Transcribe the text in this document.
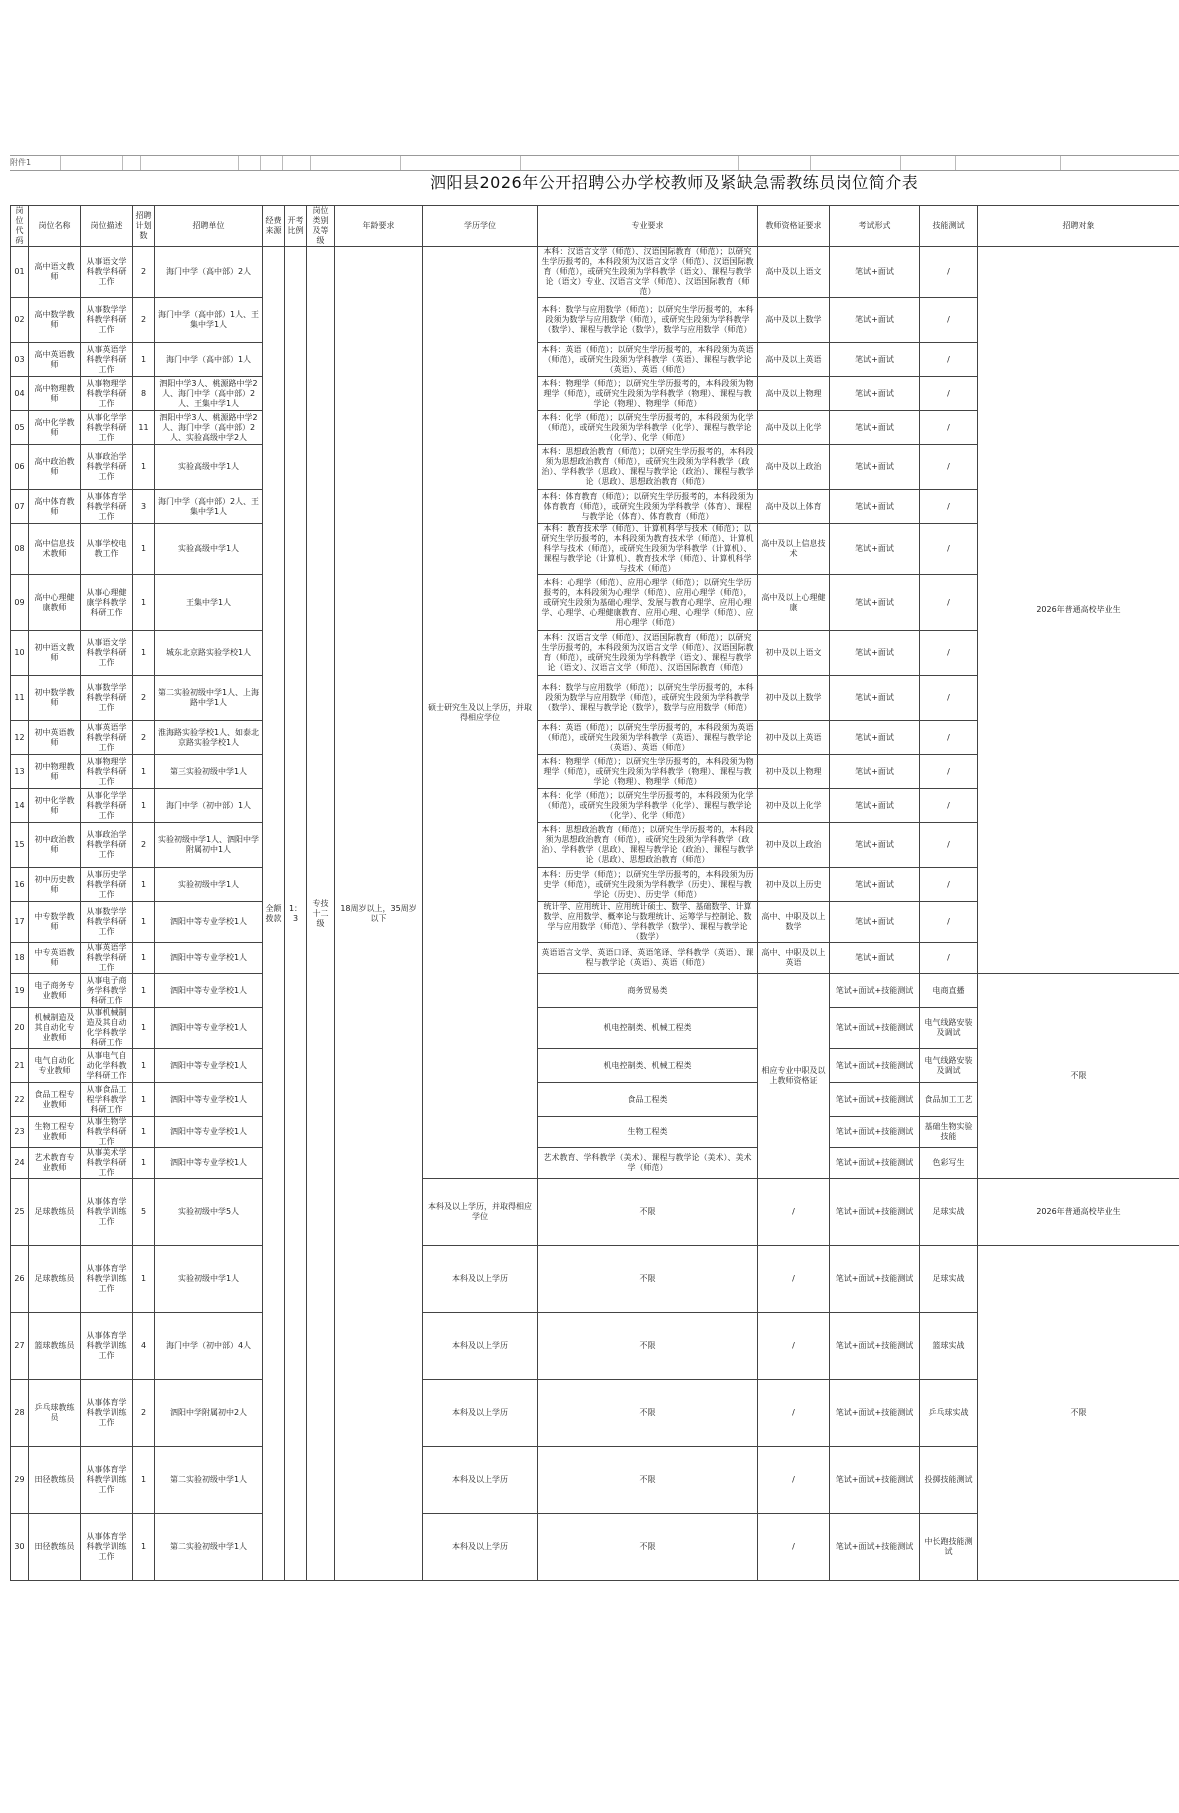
附件1
泗阳县2026年公开招聘公办学校教师及紧缺急需教练员岗位简介表
岗位代码	岗位名称	岗位描述	招聘计划数	招聘单位	经费来源	开考比例	岗位类别及等级	年龄要求	学历学位	专业要求	教师资格证要求	考试形式	技能测试	招聘对象
01	高中语文教师	从事语文学科教学科研工作	2	海门中学（高中部）2人	全额拨款	1：3	专技十二级	18周岁以上，35周岁以下	硕士研究生及以上学历，并取得相应学位	本科：汉语言文学（师范）、汉语国际教育（师范）；以研究生学历报考的，本科段须为汉语言文学（师范）、汉语国际教育（师范），或研究生段须为学科教学（语文）、课程与教学论（语文）专业、汉语言文学（师范）、汉语国际教育（师范）	高中及以上语文	笔试+面试	/	2026年普通高校毕业生
02	高中数学教师	从事数学学科教学科研工作	2	海门中学（高中部）1人、王集中学1人						本科：数学与应用数学（师范）；以研究生学历报考的，本科段须为数学与应用数学（师范），或研究生段须为学科教学（数学）、课程与教学论（数学），数学与应用数学（师范）	高中及以上数学	笔试+面试	/	
03	高中英语教师	从事英语学科教学科研工作	1	海门中学（高中部）1人						本科：英语（师范）；以研究生学历报考的，本科段须为英语（师范），或研究生段须为学科教学（英语）、课程与教学论（英语）、英语（师范）	高中及以上英语	笔试+面试	/	
04	高中物理教师	从事物理学科教学科研工作	8	泗阳中学3人、桃源路中学2人、海门中学（高中部）2人、王集中学1人						本科：物理学（师范）；以研究生学历报考的，本科段须为物理学（师范），或研究生段须为学科教学（物理）、课程与教学论（物理）、物理学（师范）	高中及以上物理	笔试+面试	/	
05	高中化学教师	从事化学学科教学科研工作	11	泗阳中学3人、桃源路中学2人、海门中学（高中部）2人、实验高级中学2人						本科：化学（师范）；以研究生学历报考的，本科段须为化学（师范），或研究生段须为学科教学（化学）、课程与教学论（化学）、化学（师范）	高中及以上化学	笔试+面试	/	
06	高中政治教师	从事政治学科教学科研工作	1	实验高级中学1人						本科：思想政治教育（师范）；以研究生学历报考的，本科段须为思想政治教育（师范），或研究生段须为学科教学（政治）、学科教学（思政）、课程与教学论（政治）、课程与教学论（思政）、思想政治教育（师范）	高中及以上政治	笔试+面试	/	
07	高中体育教师	从事体育学科教学科研工作	3	海门中学（高中部）2人、王集中学1人						本科：体育教育（师范）；以研究生学历报考的，本科段须为体育教育（师范），或研究生段须为学科教学（体育）、课程与教学论（体育）、体育教育（师范）	高中及以上体育	笔试+面试	/	
08	高中信息技术教师	从事学校电教工作	1	实验高级中学1人						本科：教育技术学（师范）、计算机科学与技术（师范）；以研究生学历报考的，本科段须为教育技术学（师范）、计算机科学与技术（师范），或研究生段须为学科教学（计算机）、课程与教学论（计算机）、教育技术学（师范）、计算机科学与技术（师范）	高中及以上信息技术	笔试+面试	/	
09	高中心理健康教师	从事心理健康学科教学科研工作	1	王集中学1人						本科：心理学（师范）、应用心理学（师范）；以研究生学历报考的，本科段须为心理学（师范）、应用心理学（师范），或研究生段须为基础心理学、发展与教育心理学、应用心理学、心理学、心理健康教育、应用心理、心理学（师范）、应用心理学（师范）	高中及以上心理健康	笔试+面试	/	
10	初中语文教师	从事语文学科教学科研工作	1	城东北京路实验学校1人						本科：汉语言文学（师范）、汉语国际教育（师范）；以研究生学历报考的，本科段须为汉语言文学（师范）、汉语国际教育（师范），或研究生段须为学科教学（语文）、课程与教学论（语文）、汉语言文学（师范）、汉语国际教育（师范）	初中及以上语文	笔试+面试	/	
11	初中数学教师	从事数学学科教学科研工作	2	第二实验初级中学1人、上海路中学1人						本科：数学与应用数学（师范）；以研究生学历报考的，本科段须为数学与应用数学（师范），或研究生段须为学科教学（数学）、课程与教学论（数学），数学与应用数学（师范）	初中及以上数学	笔试+面试	/	
12	初中英语教师	从事英语学科教学科研工作	2	淮海路实验学校1人、如泰北京路实验学校1人						本科：英语（师范）；以研究生学历报考的，本科段须为英语（师范），或研究生段须为学科教学（英语）、课程与教学论（英语）、英语（师范）	初中及以上英语	笔试+面试	/	
13	初中物理教师	从事物理学科教学科研工作	1	第三实验初级中学1人						本科：物理学（师范）；以研究生学历报考的，本科段须为物理学（师范），或研究生段须为学科教学（物理）、课程与教学论（物理）、物理学（师范）	初中及以上物理	笔试+面试	/	
14	初中化学教师	从事化学学科教学科研工作	1	海门中学（初中部）1人						本科：化学（师范）；以研究生学历报考的，本科段须为化学（师范），或研究生段须为学科教学（化学）、课程与教学论（化学）、化学（师范）	初中及以上化学	笔试+面试	/	
15	初中政治教师	从事政治学科教学科研工作	2	实验初级中学1人、泗阳中学附属初中1人						本科：思想政治教育（师范）；以研究生学历报考的，本科段须为思想政治教育（师范），或研究生段须为学科教学（政治）、学科教学（思政）、课程与教学论（政治）、课程与教学论（思政）、思想政治教育（师范）	初中及以上政治	笔试+面试	/	
16	初中历史教师	从事历史学科教学科研工作	1	实验初级中学1人						本科：历史学（师范）；以研究生学历报考的，本科段须为历史学（师范），或研究生段须为学科教学（历史）、课程与教学论（历史）、历史学（师范）	初中及以上历史	笔试+面试	/	
17	中专数学教师	从事数学学科教学科研工作	1	泗阳中等专业学校1人						统计学、应用统计、应用统计硕士、数学、基础数学、计算数学、应用数学、概率论与数理统计、运筹学与控制论、数学与应用数学（师范）、学科教学（数学）、课程与教学论（数学）	高中、中职及以上数学	笔试+面试	/	
18	中专英语教师	从事英语学科教学科研工作	1	泗阳中等专业学校1人						英语语言文学、英语口译、英语笔译、学科教学（英语）、课程与教学论（英语）、英语（师范）	高中、中职及以上英语	笔试+面试	/	
19	电子商务专业教师	从事电子商务学科教学科研工作	1	泗阳中等专业学校1人						商务贸易类	相应专业中职及以上教师资格证	笔试+面试+技能测试	电商直播	不限
20	机械制造及其自动化专业教师	从事机械制造及其自动化学科教学科研工作	1	泗阳中等专业学校1人						机电控制类、机械工程类		笔试+面试+技能测试	电气线路安装及调试	
21	电气自动化专业教师	从事电气自动化学科教学科研工作	1	泗阳中等专业学校1人						机电控制类、机械工程类		笔试+面试+技能测试	电气线路安装及调试	
22	食品工程专业教师	从事食品工程学科教学科研工作	1	泗阳中等专业学校1人						食品工程类		笔试+面试+技能测试	食品加工工艺	
23	生物工程专业教师	从事生物学科教学科研工作	1	泗阳中等专业学校1人						生物工程类		笔试+面试+技能测试	基础生物实验技能	
24	艺术教育专业教师	从事美术学科教学科研工作	1	泗阳中等专业学校1人						艺术教育、学科教学（美术）、课程与教学论（美术）、美术学（师范）		笔试+面试+技能测试	色彩写生	
25	足球教练员	从事体育学科教学训练工作	5	实验初级中学5人					本科及以上学历，并取得相应学位	不限	/	笔试+面试+技能测试	足球实战	2026年普通高校毕业生
26	足球教练员	从事体育学科教学训练工作	1	实验初级中学1人					本科及以上学历	不限	/	笔试+面试+技能测试	足球实战	不限
27	篮球教练员	从事体育学科教学训练工作	4	海门中学（初中部）4人					本科及以上学历	不限	/	笔试+面试+技能测试	篮球实战	
28	乒乓球教练员	从事体育学科教学训练工作	2	泗阳中学附属初中2人					本科及以上学历	不限	/	笔试+面试+技能测试	乒乓球实战	
29	田径教练员	从事体育学科教学训练工作	1	第二实验初级中学1人					本科及以上学历	不限	/	笔试+面试+技能测试	投掷技能测试	
30	田径教练员	从事体育学科教学训练工作	1	第二实验初级中学1人					本科及以上学历	不限	/	笔试+面试+技能测试	中长跑技能测试	
